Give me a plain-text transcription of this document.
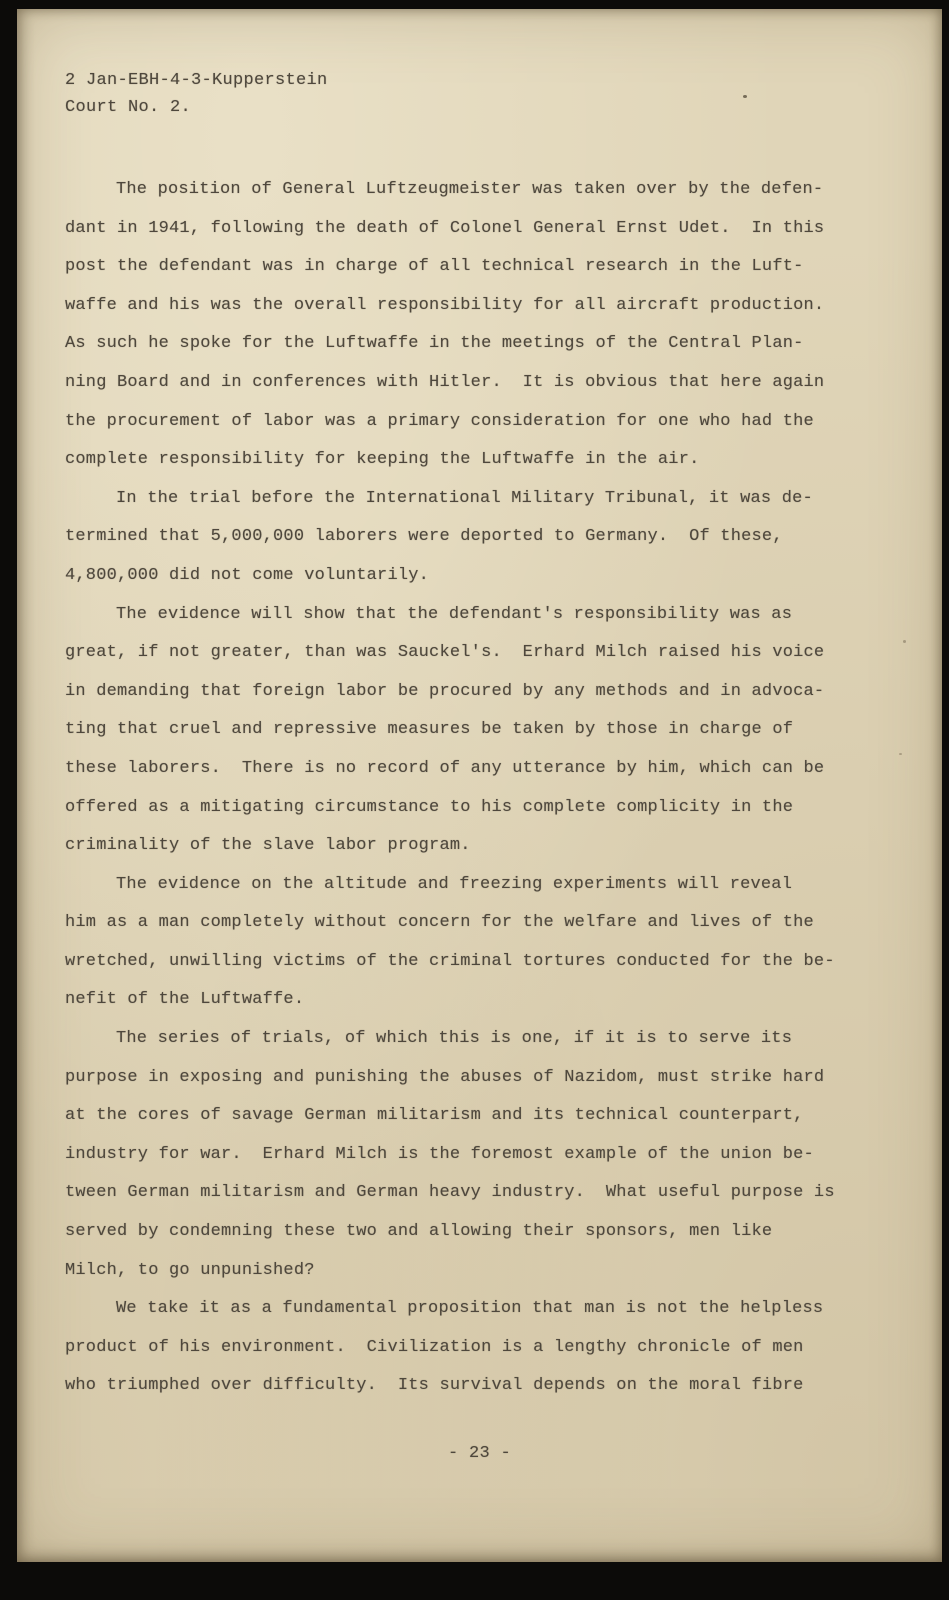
2 Jan-EBH-4-3-Kupperstein
Court No. 2.
The position of General Luftzeugmeister was taken over by the defen-
dant in 1941, following the death of Colonel General Ernst Udet.  In this
post the defendant was in charge of all technical research in the Luft-
waffe and his was the overall responsibility for all aircraft production.
As such he spoke for the Luftwaffe in the meetings of the Central Plan-
ning Board and in conferences with Hitler.  It is obvious that here again
the procurement of labor was a primary consideration for one who had the
complete responsibility for keeping the Luftwaffe in the air.
In the trial before the International Military Tribunal, it was de-
termined that 5,000,000 laborers were deported to Germany.  Of these,
4,800,000 did not come voluntarily.
The evidence will show that the defendant's responsibility was as
great, if not greater, than was Sauckel's.  Erhard Milch raised his voice
in demanding that foreign labor be procured by any methods and in advoca-
ting that cruel and repressive measures be taken by those in charge of
these laborers.  There is no record of any utterance by him, which can be
offered as a mitigating circumstance to his complete complicity in the
criminality of the slave labor program.
The evidence on the altitude and freezing experiments will reveal
him as a man completely without concern for the welfare and lives of the
wretched, unwilling victims of the criminal tortures conducted for the be-
nefit of the Luftwaffe.
The series of trials, of which this is one, if it is to serve its
purpose in exposing and punishing the abuses of Nazidom, must strike hard
at the cores of savage German militarism and its technical counterpart,
industry for war.  Erhard Milch is the foremost example of the union be-
tween German militarism and German heavy industry.  What useful purpose is
served by condemning these two and allowing their sponsors, men like
Milch, to go unpunished?
We take it as a fundamental proposition that man is not the helpless
product of his environment.  Civilization is a lengthy chronicle of men
who triumphed over difficulty.  Its survival depends on the moral fibre
- 23 -
